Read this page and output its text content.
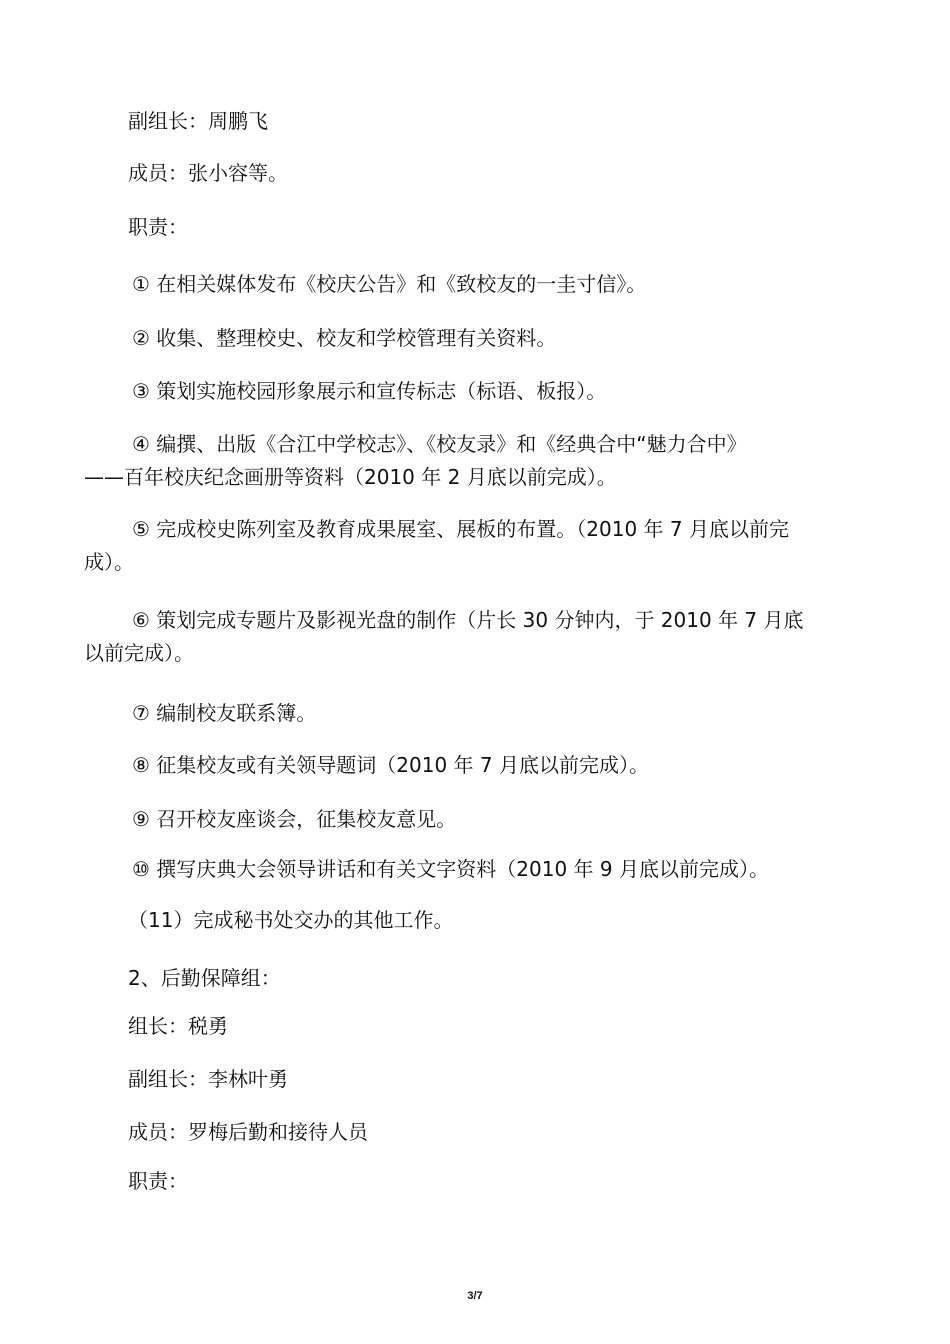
副组长：周鹏飞
成员：张小容等。
职责：
① 在相关媒体发布《校庆公告》和《致校友的一圭寸信》。
② 收集、整理校史、校友和学校管理有关资料。
③ 策划实施校园形象展示和宣传标志（标语、板报）。
④ 编撰、出版《合江中学校志》、《校友录》和《经典合中“魅力合中》
——百年校庆纪念画册等资料（2010 年 2 月底以前完成）。
⑤ 完成校史陈列室及教育成果展室、展板的布置。（2010 年 7 月底以前完
成）。
⑥ 策划完成专题片及影视光盘的制作（片长 30 分钟内，于 2010 年 7 月底
以前完成）。
⑦ 编制校友联系簿。
⑧ 征集校友或有关领导题词（2010 年 7 月底以前完成）。
⑨ 召开校友座谈会，征集校友意见。
⑩ 撰写庆典大会领导讲话和有关文字资料（2010 年 9 月底以前完成）。
（11）完成秘书处交办的其他工作。
2、后勤保障组：
组长：税勇
副组长：李林叶勇
成员：罗梅后勤和接待人员
职责：
3/7
